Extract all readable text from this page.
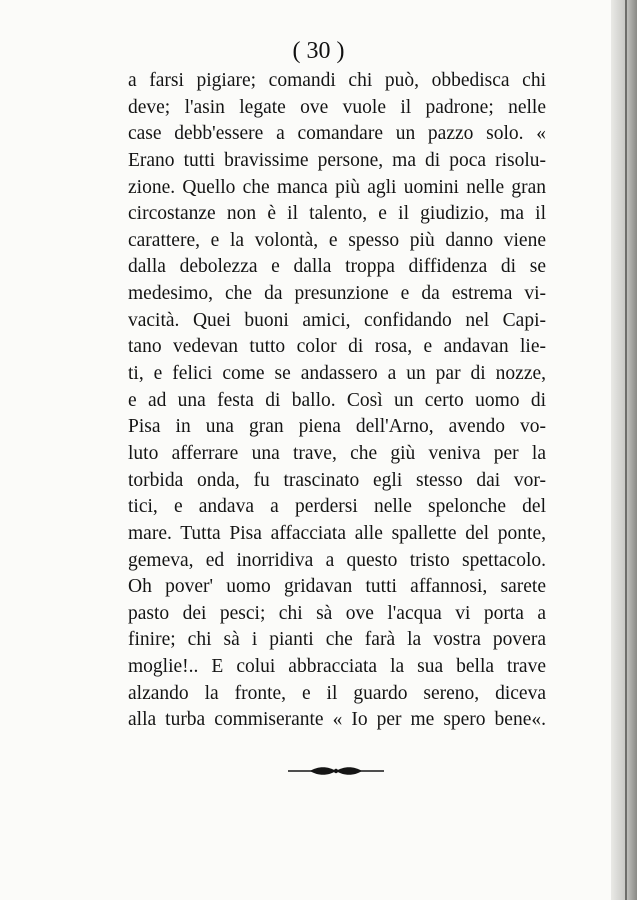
( 30 )
a farsi pigiare; comandi chi può, obbedisca chi
deve; l'asin legate ove vuole il padrone; nelle
case debb'essere a comandare un pazzo solo. «
Erano tutti bravissime persone, ma di poca risolu-
zione. Quello che manca più agli uomini nelle gran
circostanze non è il talento, e il giudizio, ma il
carattere, e la volontà, e spesso più danno viene
dalla debolezza e dalla troppa diffidenza di se
medesimo, che da presunzione e da estrema vi-
vacità. Quei buoni amici, confidando nel Capi-
tano vedevan tutto color di rosa, e andavan lie-
ti, e felici come se andassero a un par di nozze,
e ad una festa di ballo. Così un certo uomo di
Pisa in una gran piena dell'Arno, avendo vo-
luto afferrare una trave, che giù veniva per la
torbida onda, fu trascinato egli stesso dai vor-
tici, e andava a perdersi nelle spelonche del
mare. Tutta Pisa affacciata alle spallette del ponte,
gemeva, ed inorridiva a questo tristo spettacolo.
Oh pover' uomo gridavan tutti affannosi, sarete
pasto dei pesci; chi sà ove l'acqua vi porta a
finire; chi sà i pianti che farà la vostra povera
moglie!.. E colui abbracciata la sua bella trave
alzando la fronte, e il guardo sereno, diceva
alla turba commiserante « Io per me spero bene«.
